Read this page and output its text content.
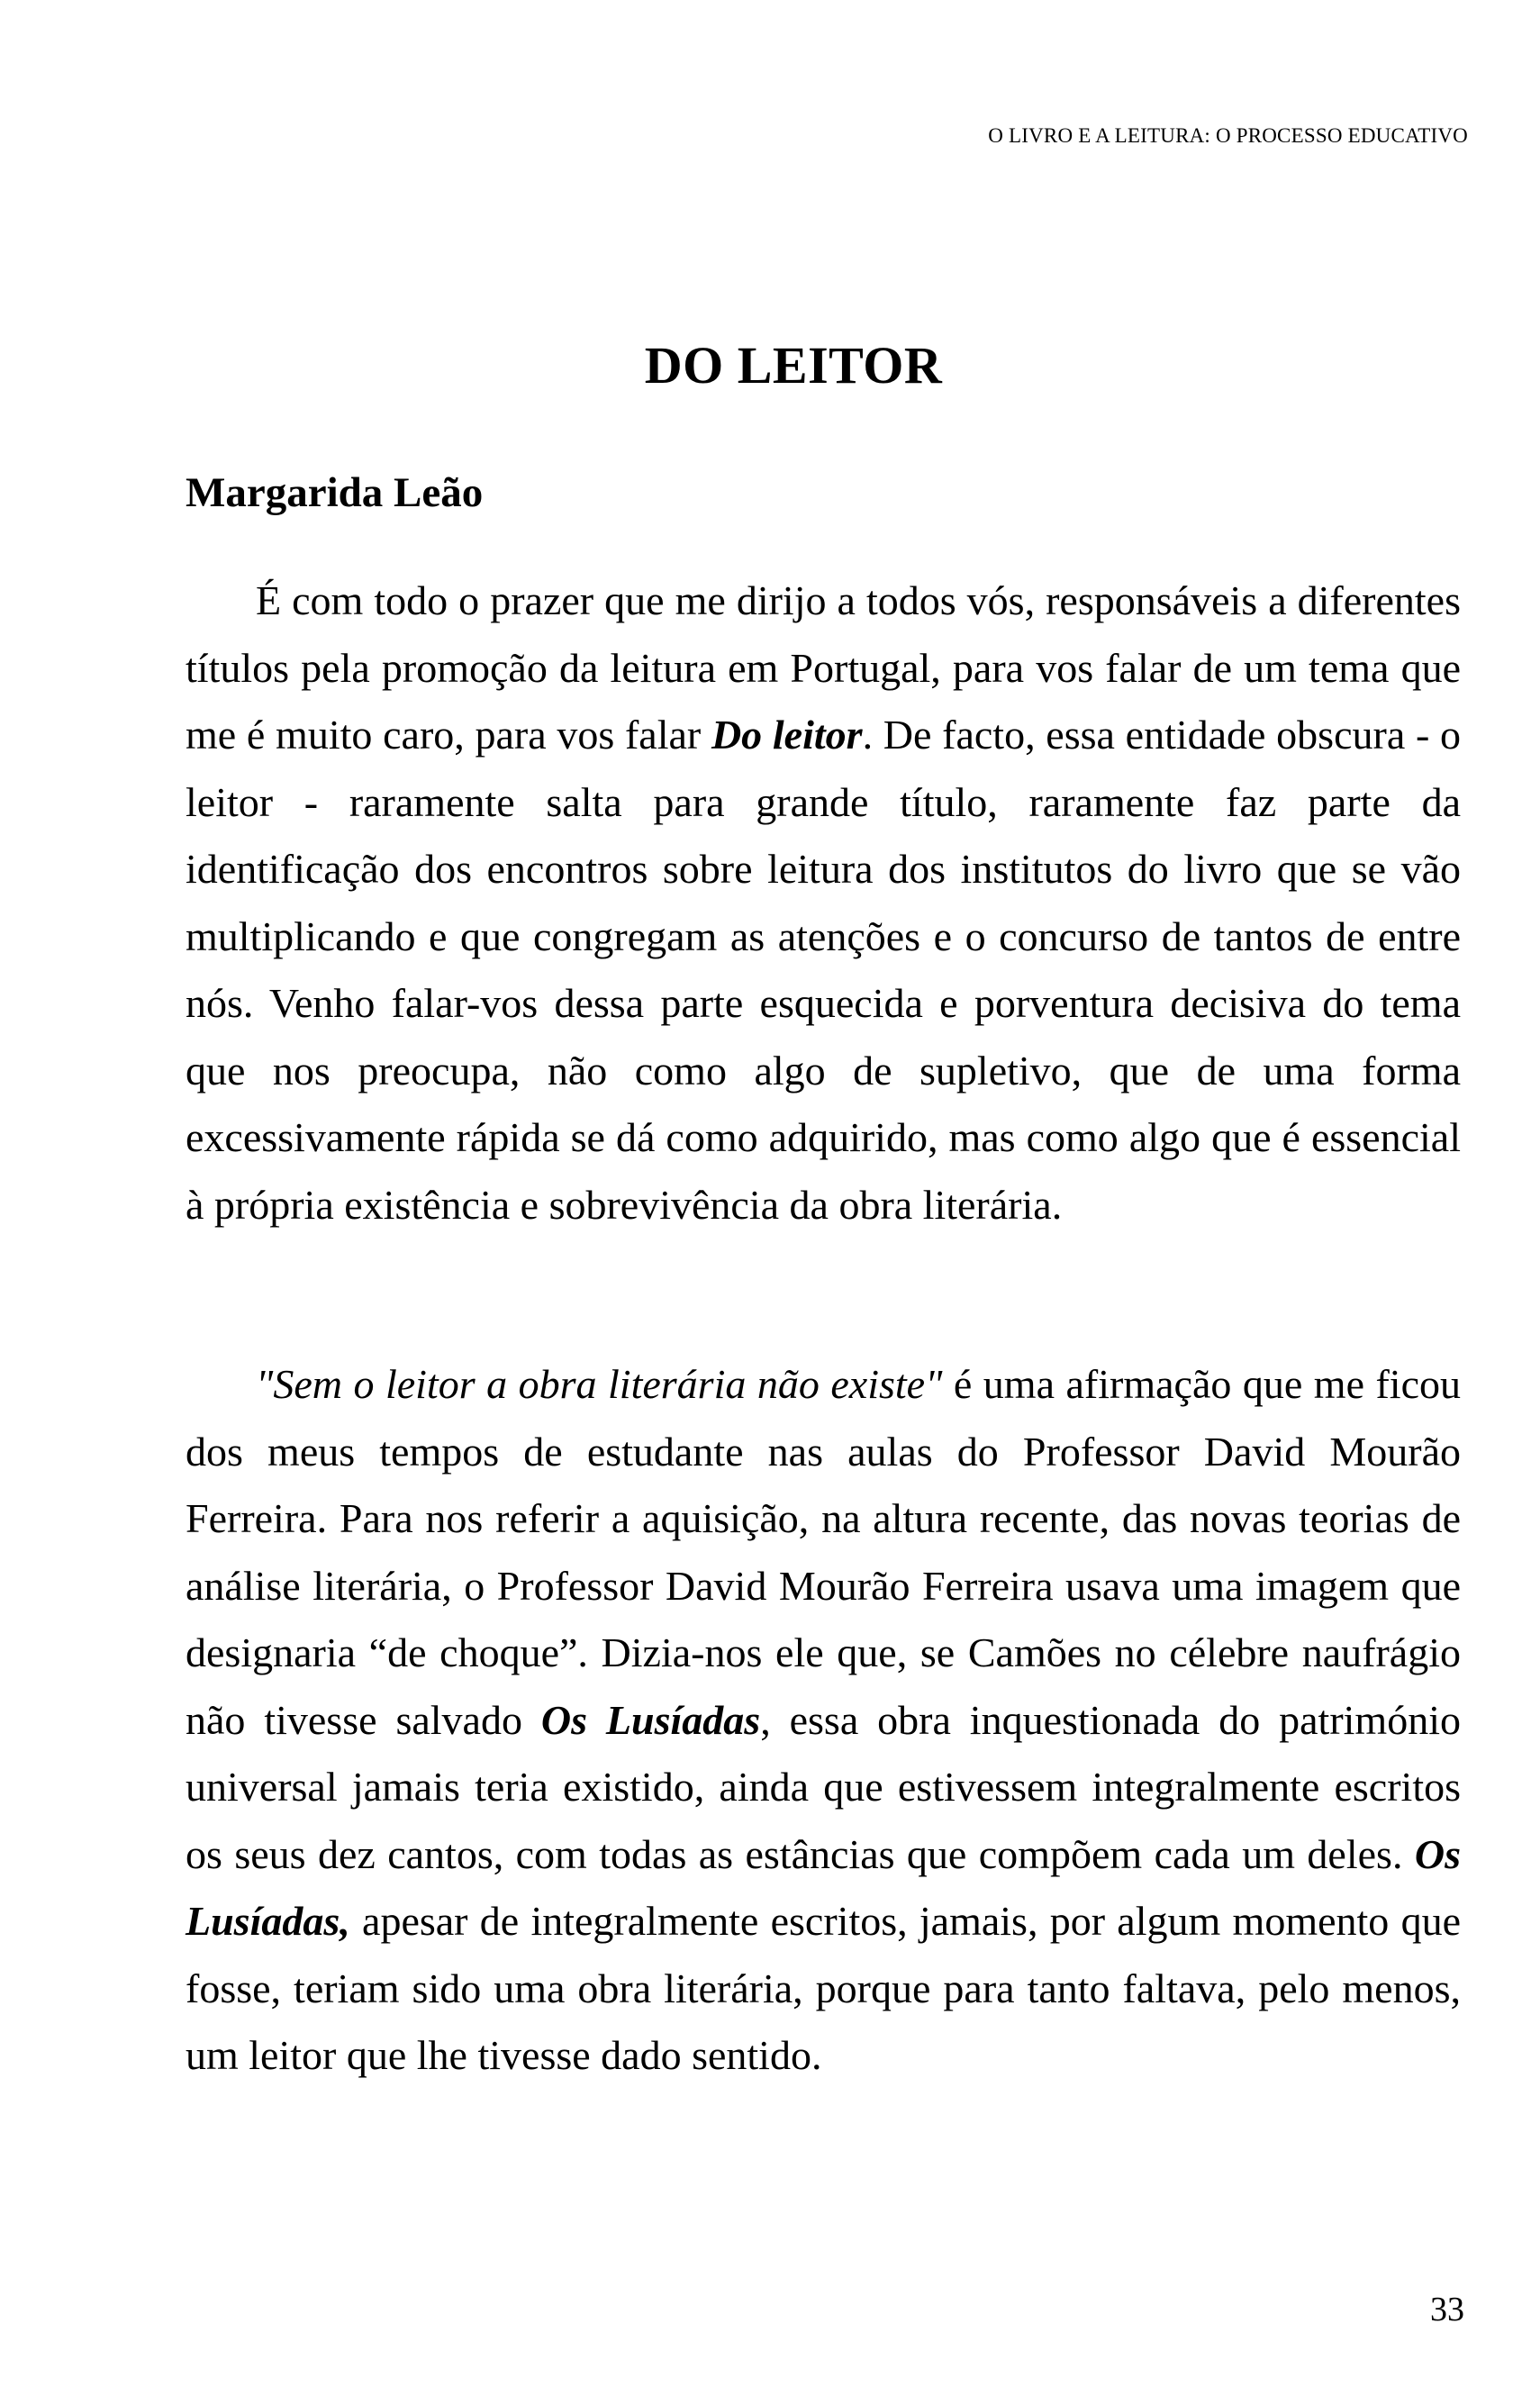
O LIVRO E A LEITURA: O PROCESSO EDUCATIVO
DO LEITOR
Margarida Leão

É com todo o prazer que me dirijo a todos vós, responsáveis a diferentes títulos pela promoção da leitura em Portugal, para vos falar de um tema que me é muito caro, para vos falar Do leitor. De facto, essa entidade obscura - o leitor - raramente salta para grande título, raramente faz parte da identificação dos encontros sobre leitura dos institutos do livro que se vão multiplicando e que congregam as atenções e o concurso de tantos de entre nós. Venho falar-vos dessa parte esquecida e porventura decisiva do tema que nos preocupa, não como algo de supletivo, que de uma forma excessivamente rápida se dá como adquirido, mas como algo que é essencial à própria existência e sobrevivência da obra literária.

"Sem o leitor a obra literária não existe" é uma afirmação que me ficou dos meus tempos de estudante nas aulas do Professor David Mourão Ferreira. Para nos referir a aquisição, na altura recente, das novas teorias de análise literária, o Professor David Mourão Ferreira usava uma imagem que designaria “de choque”. Dizia-nos ele que, se Camões no célebre naufrágio não tivesse salvado Os Lusíadas, essa obra inquestionada do património universal jamais teria existido, ainda que estivessem integralmente escritos os seus dez cantos, com todas as estâncias que compõem cada um deles. Os Lusíadas, apesar de integralmente escritos, jamais, por algum momento que fosse, teriam sido uma obra literária, porque para tanto faltava, pelo menos, um leitor que lhe tivesse dado sentido.

33
